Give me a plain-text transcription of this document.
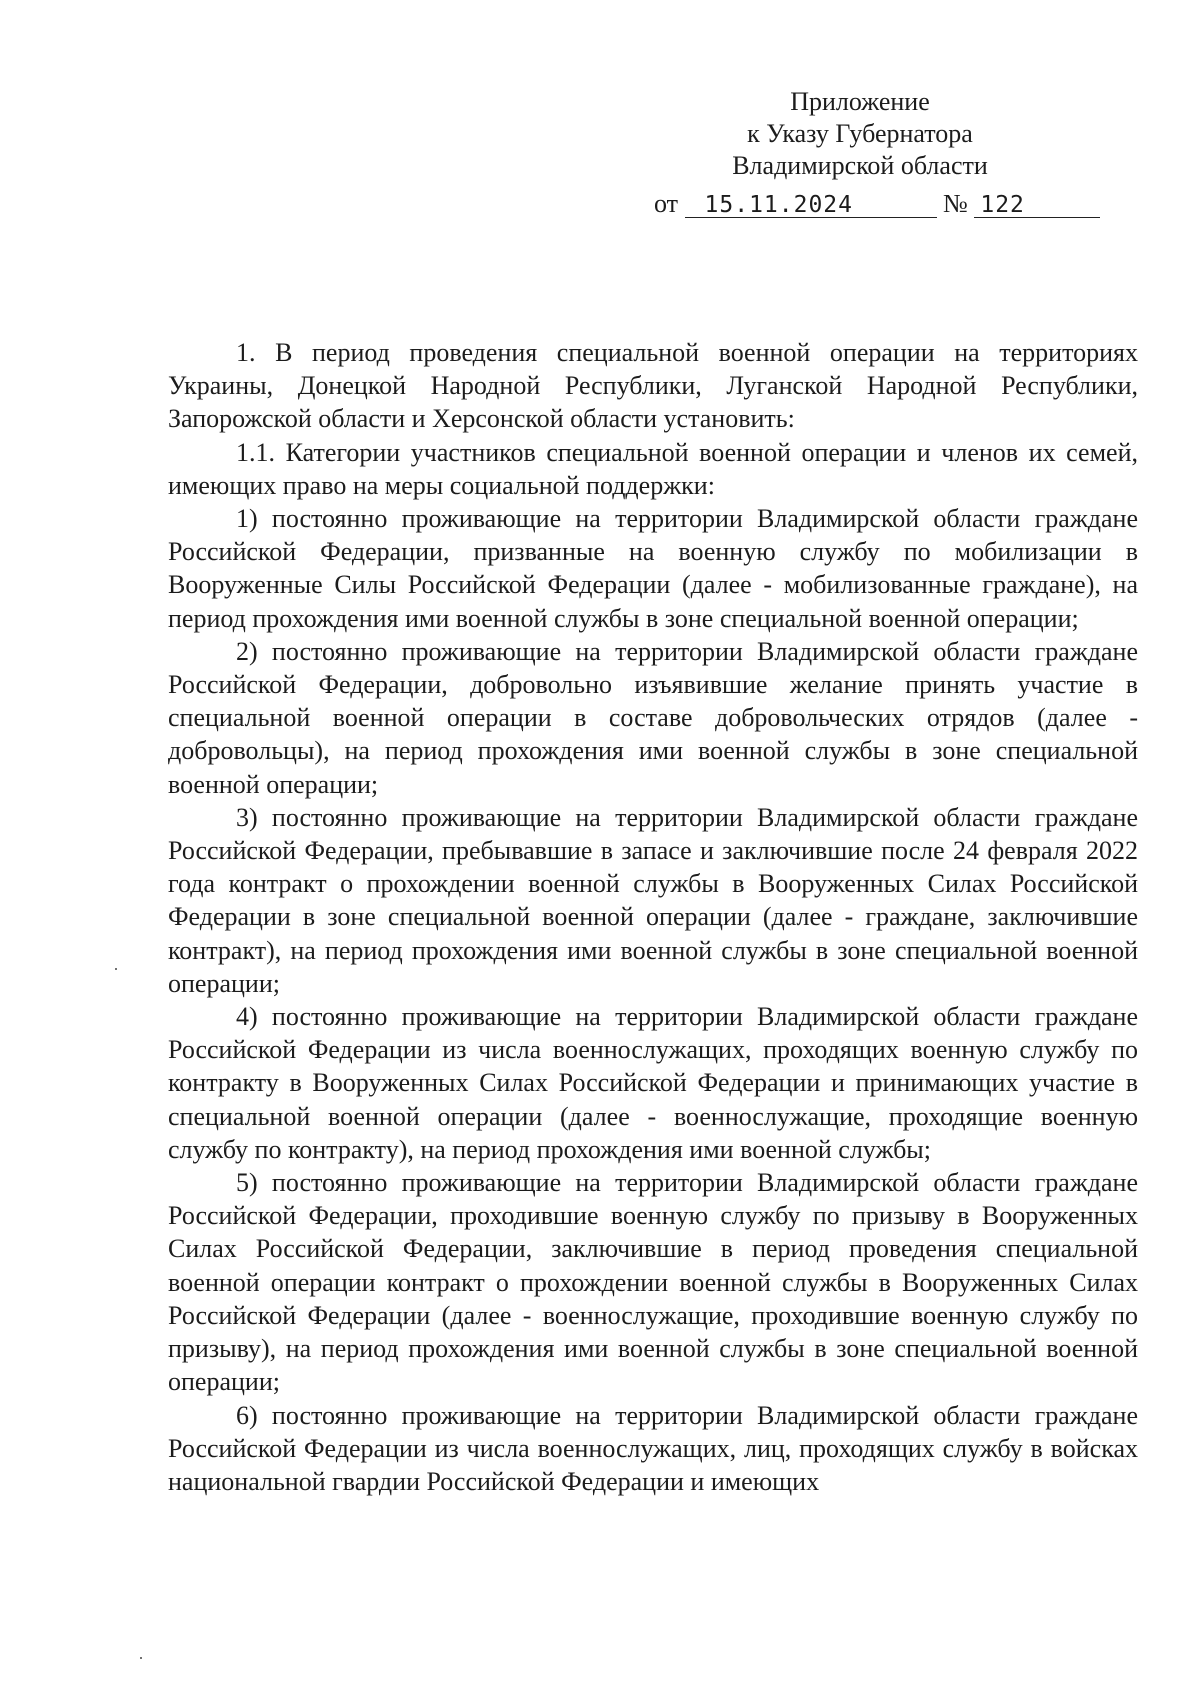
Приложение
к Указу Губернатора
Владимирской области
от 15.11.2024	№ 122

1. В период проведения специальной военной операции на территориях Украины, Донецкой Народной Республики, Луганской Народной Республики, Запорожской области и Херсонской области установить:

1.1. Категории участников специальной военной операции и членов их семей, имеющих право на меры социальной поддержки:

1) постоянно проживающие на территории Владимирской области граждане Российской Федерации, призванные на военную службу по мобилизации в Вооруженные Силы Российской Федерации (далее - мобилизованные граждане), на период прохождения ими военной службы в зоне специальной военной операции;

2) постоянно проживающие на территории Владимирской области граждане Российской Федерации, добровольно изъявившие желание принять участие в специальной военной операции в составе добровольческих отрядов (далее - добровольцы), на период прохождения ими военной службы в зоне специальной военной операции;

3) постоянно проживающие на территории Владимирской области граждане Российской Федерации, пребывавшие в запасе и заключившие после 24 февраля 2022 года контракт о прохождении военной службы в Вооруженных Силах Российской Федерации в зоне специальной военной операции (далее - граждане, заключившие контракт), на период прохождения ими военной службы в зоне специальной военной операции;

4) постоянно проживающие на территории Владимирской области граждане Российской Федерации из числа военнослужащих, проходящих военную службу по контракту в Вооруженных Силах Российской Федерации и принимающих участие в специальной военной операции (далее - военнослужащие, проходящие военную службу по контракту), на период прохождения ими военной службы;

5) постоянно проживающие на территории Владимирской области граждане Российской Федерации, проходившие военную службу по призыву в Вооруженных Силах Российской Федерации, заключившие в период проведения специальной военной операции контракт о прохождении военной службы в Вооруженных Силах Российской Федерации (далее - военнослужащие, проходившие военную службу по призыву), на период прохождения ими военной службы в зоне специальной военной операции;

6) постоянно проживающие на территории Владимирской области граждане Российской Федерации из числа военнослужащих, лиц, проходящих службу в войсках национальной гвардии Российской Федерации и имеющих
